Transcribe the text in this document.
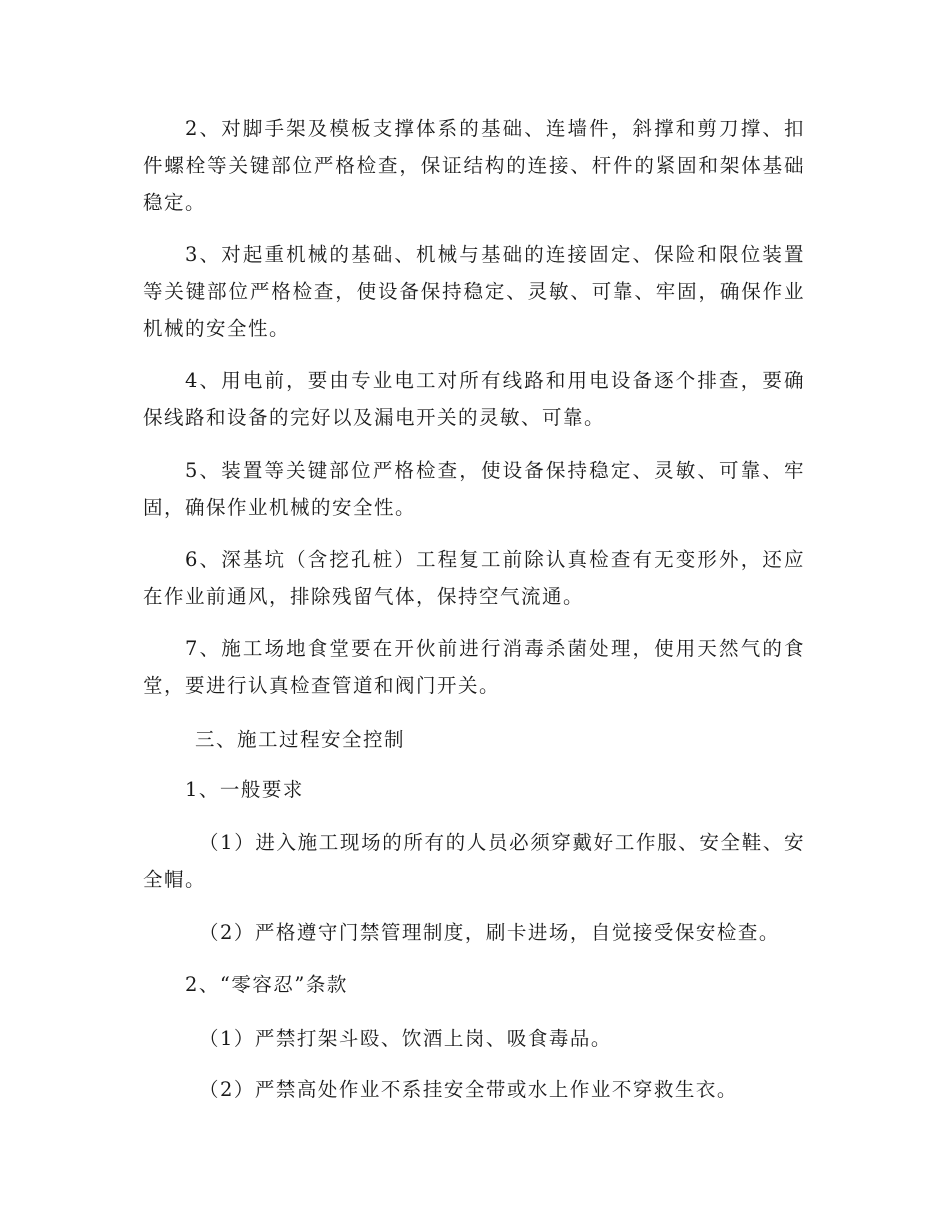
2、对脚手架及模板支撑体系的基础、连墙件，斜撑和剪刀撑、扣件螺栓等关键部位严格检查，保证结构的连接、杆件的紧固和架体基础稳定。

3、对起重机械的基础、机械与基础的连接固定、保险和限位装置等关键部位严格检查，使设备保持稳定、灵敏、可靠、牢固，确保作业机械的安全性。

4、用电前，要由专业电工对所有线路和用电设备逐个排查，要确保线路和设备的完好以及漏电开关的灵敏、可靠。

5、装置等关键部位严格检查，使设备保持稳定、灵敏、可靠、牢固，确保作业机械的安全性。

6、深基坑（含挖孔桩）工程复工前除认真检查有无变形外，还应在作业前通风，排除残留气体，保持空气流通。

7、施工场地食堂要在开伙前进行消毒杀菌处理，使用天然气的食堂，要进行认真检查管道和阀门开关。

三、施工过程安全控制

1、一般要求

（1）进入施工现场的所有的人员必须穿戴好工作服、安全鞋、安全帽。

（2）严格遵守门禁管理制度，刷卡进场，自觉接受保安检查。

2、“零容忍”条款

（1）严禁打架斗殴、饮酒上岗、吸食毒品。

（2）严禁高处作业不系挂安全带或水上作业不穿救生衣。
